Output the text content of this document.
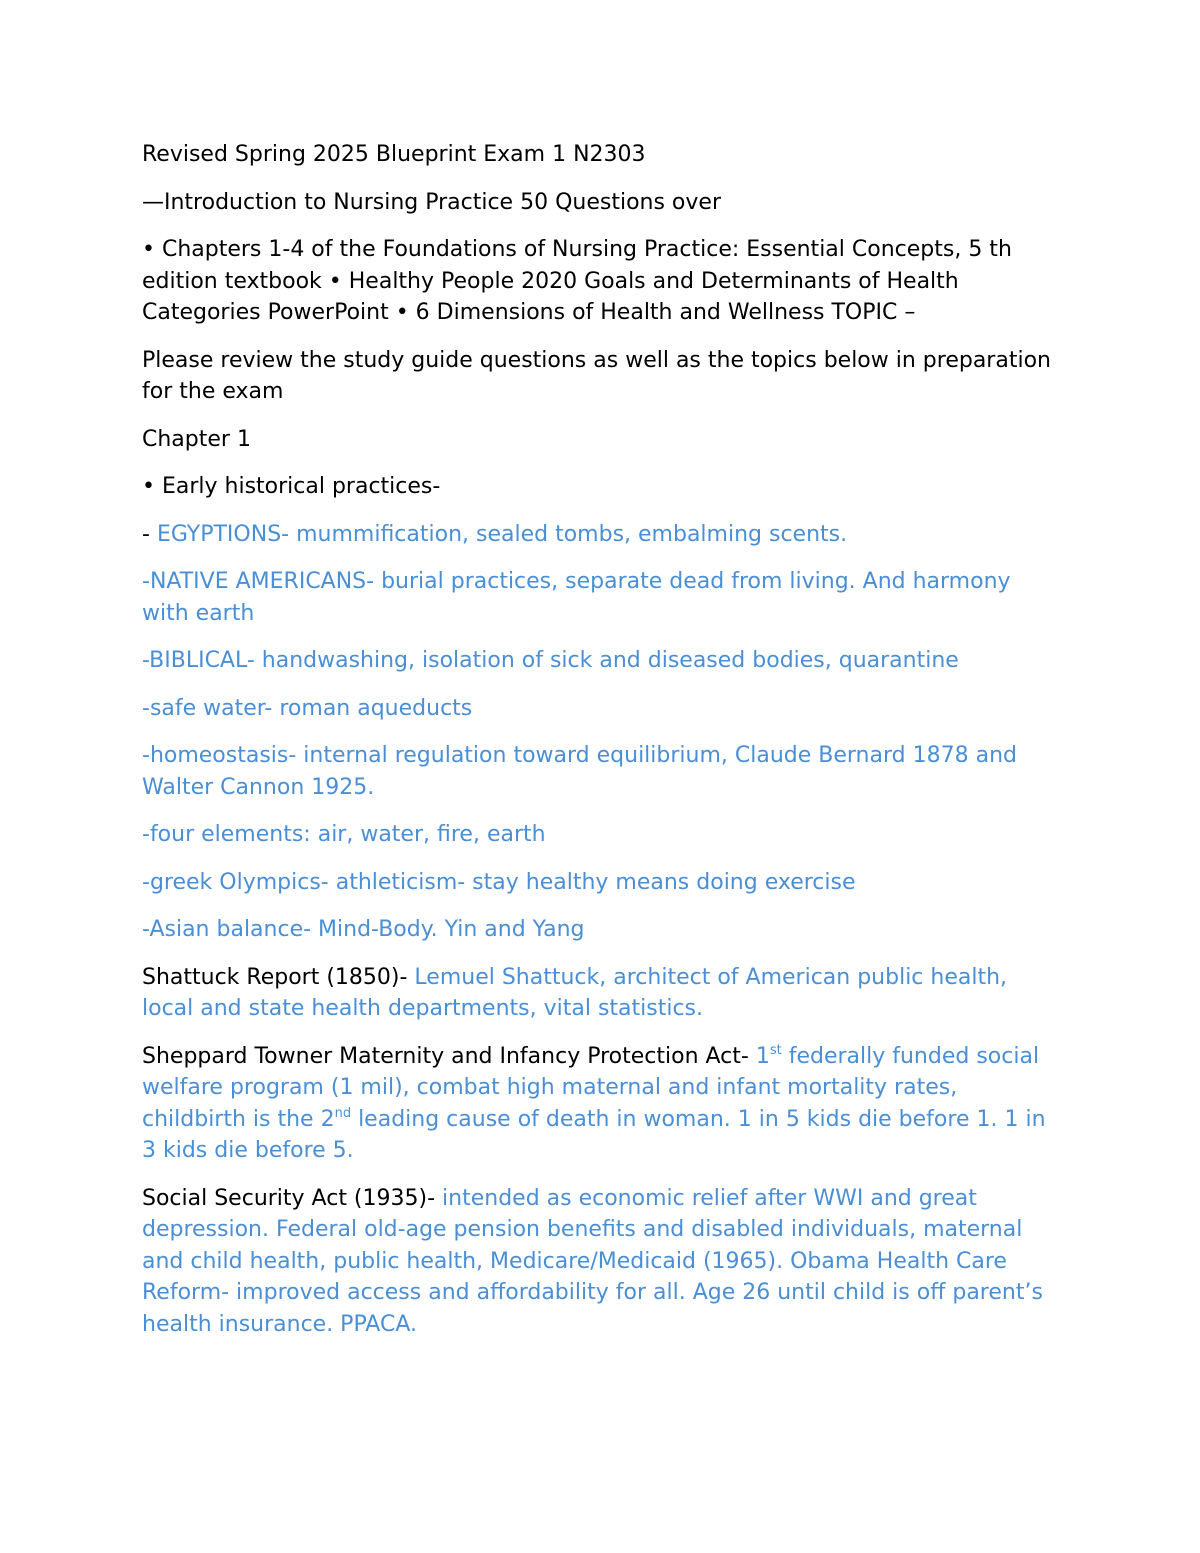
Revised Spring 2025 Blueprint Exam 1 N2303

—Introduction to Nursing Practice 50 Questions over

• Chapters 1-4 of the Foundations of Nursing Practice: Essential Concepts, 5 th edition textbook • Healthy People 2020 Goals and Determinants of Health Categories PowerPoint • 6 Dimensions of Health and Wellness TOPIC –

Please review the study guide questions as well as the topics below in preparation for the exam

Chapter 1

• Early historical practices-

- EGYPTIONS- mummification, sealed tombs, embalming scents.

-NATIVE AMERICANS- burial practices, separate dead from living. And harmony with earth

-BIBLICAL- handwashing, isolation of sick and diseased bodies, quarantine

-safe water- roman aqueducts

-homeostasis- internal regulation toward equilibrium, Claude Bernard 1878 and Walter Cannon 1925.

-four elements: air, water, fire, earth

-greek Olympics- athleticism- stay healthy means doing exercise

-Asian balance- Mind-Body. Yin and Yang

Shattuck Report (1850)- Lemuel Shattuck, architect of American public health, local and state health departments, vital statistics.

Sheppard Towner Maternity and Infancy Protection Act- 1st federally funded social welfare program (1 mil), combat high maternal and infant mortality rates, childbirth is the 2nd leading cause of death in woman. 1 in 5 kids die before 1. 1 in 3 kids die before 5.

Social Security Act (1935)- intended as economic relief after WWI and great depression. Federal old-age pension benefits and disabled individuals, maternal and child health, public health, Medicare/Medicaid (1965). Obama Health Care Reform- improved access and affordability for all. Age 26 until child is off parent’s health insurance. PPACA.
